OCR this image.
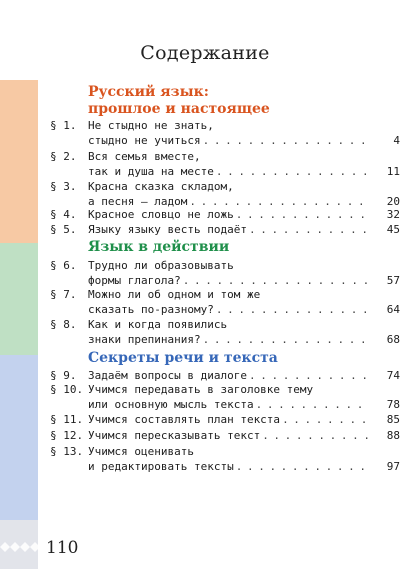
Содержание
Русский язык:
прошлое и настоящее
§ 1. Не стыдно не знать,
стыдно не учиться . . .	4
§ 2. Вся семья вместе,
так и душа на месте . . .	11
§ 3. Красна сказка складом,
а песня — ладом . . .	20
§ 4. Красное словцо не ложь . . .	32
§ 5. Языку языку весть подаёт . . .	45
Язык в действии
§ 6. Трудно ли образовывать
формы глагола? . . .	57
§ 7. Можно ли об одном и том же
сказать по-разному? . . .	64
§ 8. Как и когда появились
знаки препинания? . . .	68
Секреты речи и текста
§ 9. Задаём вопросы в диалоге . . .	74
§ 10. Учимся передавать в заголовке тему
или основную мысль текста . . .	78
§ 11. Учимся составлять план текста . . .	85
§ 12. Учимся пересказывать текст . . .	88
§ 13. Учимся оценивать
и редактировать тексты . . .	97
110
